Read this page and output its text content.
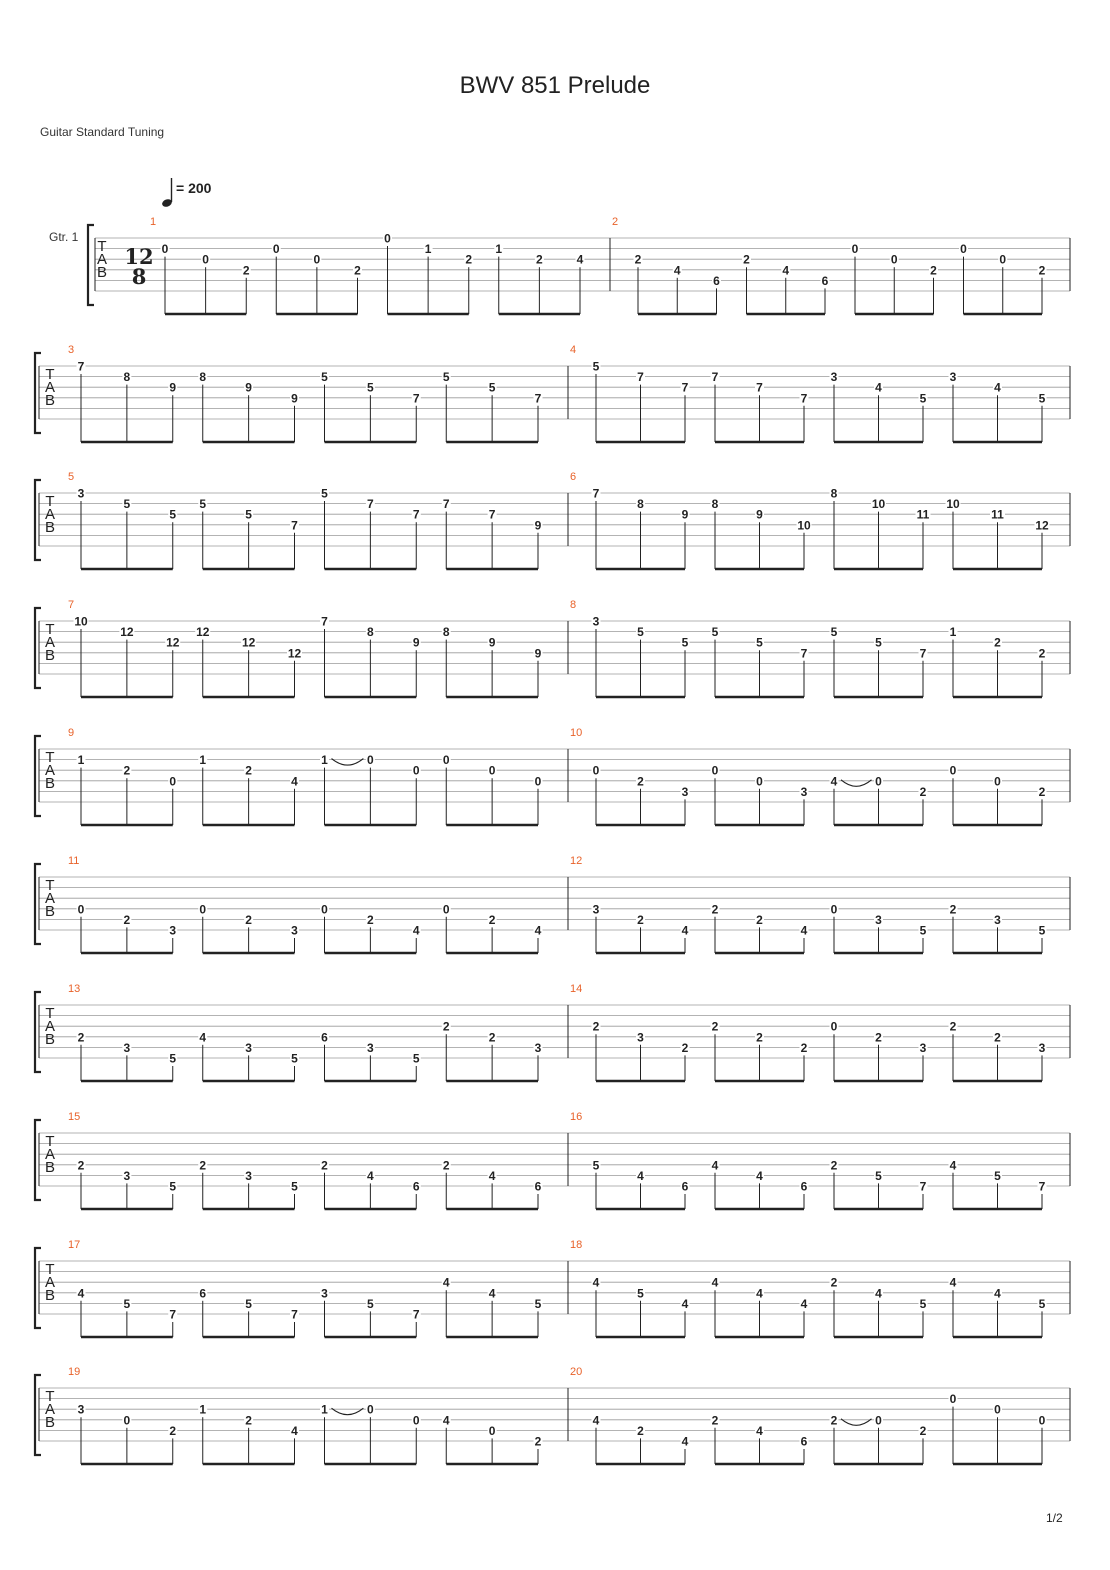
BWV 851 Prelude
Guitar Standard Tuning
= 200
T
A
B
Gtr. 1
12
8
1
0
0
2
0
0
2
0
1
2
1
2	4
2
2
4
6
2
4
6
0
0
2
0
0
2
T
A
B
3
7
8
9
8
9
9
5
5
7
5
5
7
4
5
7
7
7
7
7
3
4
5
3
4
5
T
A
B
5
3
5
5
5
5
7
5
7
7
7
7
9
6
7
8
9
8
9
10
8
10
11
10
11
12
T
A
B
7
10
12
12
12
12
12
7
8
9
8
9
9
8
3
5
5
5
5
7
5
5
7
1
2
2
T
A
B
9
1
2
0
1
2
4
1	0
0
0
0
0
10
0
2
3
0
0
3
4	0
2
0
0
2
T
A
B
11
0
2
3
0
2
3
0
2
4
0
2
4
12
3
2
4
2
2
4
0
3
5
2
3
5
T
A
B
13
2
3
5
4
3
5
6
3
5
2
2
3
14
2
3
2
2
2
2
0
2
3
2
2
3
T
A
B
15
2
3
5
2
3
5
2
4
6
2
4
6
16
5
4
6
4
4
6
2
5
7
4
5
7
T
A
B
17
4
5
7
6
5
7
3
5
7
4
4
5
18
4
5
4
4
4
4
2
4
5
4
4
5
T
A
B
19
3
0
2
1
2
4
1	0
0 4
0
2
20
4
2
4
2
4
6
2	0
2
0
0
0
1/2
